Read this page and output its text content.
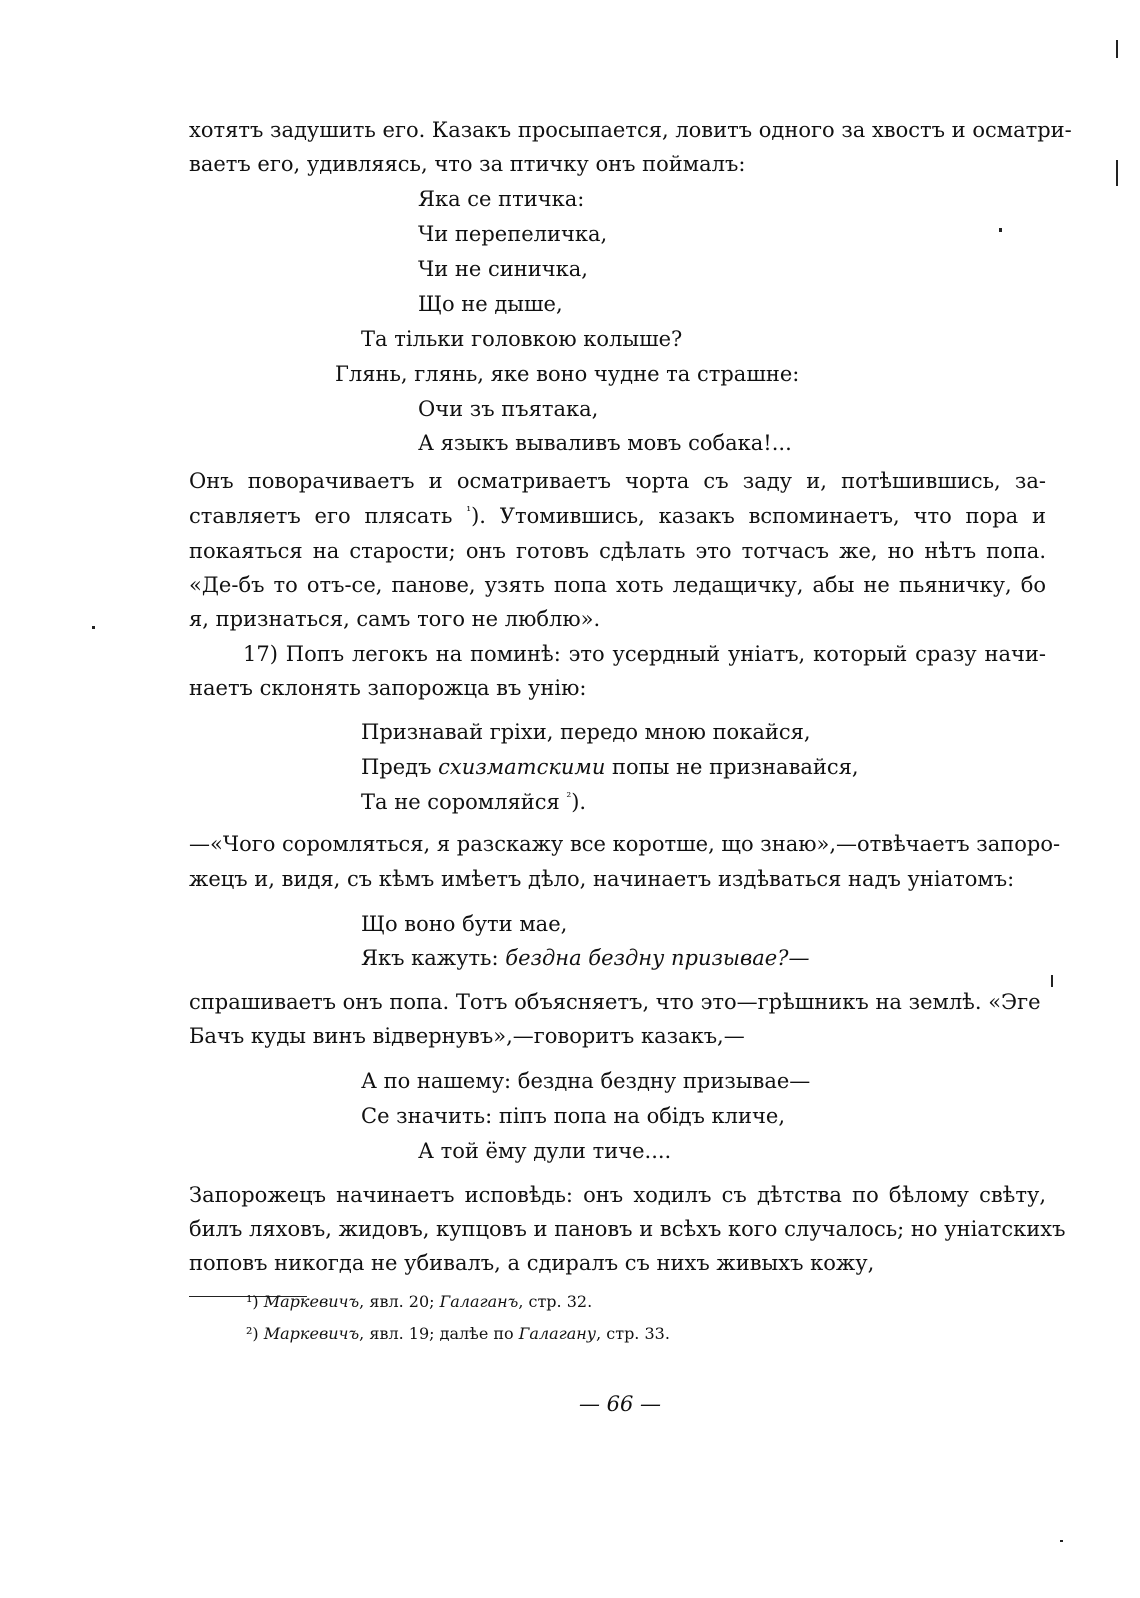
хотятъ задушить его. Казакъ просыпается, ловитъ одного за хвостъ и осматри-
ваетъ его, удивляясь, что за птичку онъ поймалъ:
Яка се птичка:
Чи перепеличка,
Чи не синичка,
Що не дыше,
Та тільки головкою колыше?
Глянь, глянь, яке воно чудне та страшне:
Очи зъ пъятака,
А языкъ вываливъ мовъ собака!...
Онъ поворачиваетъ и осматриваетъ чорта съ заду и, потѣшившись, за-
ставляетъ его плясать $^{^1}$). Утомившись, казакъ вспоминаетъ, что пора и
покаяться на старости; онъ готовъ сдѣлать это тотчасъ же, но нѣтъ попа.
«Де-бъ то отъ-се, панове, узять попа хоть ледащичку, абы не пьяничку, бо
я, признаться, самъ того не люблю».
17) Попъ легокъ на поминѣ: это усердный уніатъ, который сразу начи-
наетъ склонять запорожца въ унію:
Признавай гріхи, передо мною покайся,
Предъ схизматскими попы не признавайся,
Та не соромляйся $^{^2}$).
—«Чого соромляться, я разскажу все коротше, що знаю»,—отвѣчаетъ запоро-
жецъ и, видя, съ кѣмъ имѣетъ дѣло, начинаетъ издѣваться надъ уніатомъ:
Що воно бути мае,
Якъ кажуть: бездна бездну призывае?—
спрашиваетъ онъ попа. Тотъ объясняетъ, что это—грѣшникъ на землѣ. «Эге
Бачъ куды винъ відвернувъ»,—говоритъ казакъ,—
А по нашему: бездна бездну призывае—
Се значить: піпъ попа на обідъ кличе,
А той ёму дули тиче....
Запорожецъ начинаетъ исповѣдь: онъ ходилъ съ дѣтства по бѣлому свѣту,
билъ ляховъ, жидовъ, купцовъ и пановъ и всѣхъ кого случалось; но уніатскихъ
поповъ никогда не убивалъ, а сдиралъ съ нихъ живыхъ кожу,
¹) Маркевичъ, явл. 20; Галаганъ, стр. 32.
²) Маркевичъ, явл. 19; далѣе по Галагану, стр. 33.
— 66 —
